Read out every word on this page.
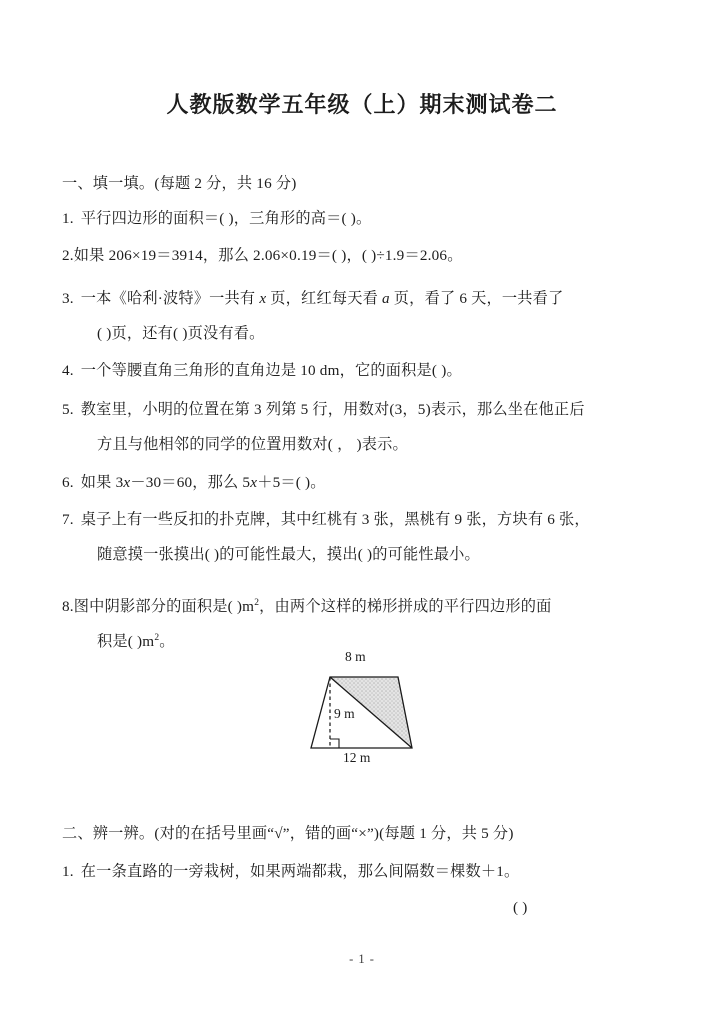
人教版数学五年级（上）期末测试卷二
一、填一填。(每题 2 分，共 16 分)
1. 平行四边形的面积＝( )，三角形的高＝( )。
2.如果 206×19＝3914，那么 2.06×0.19＝( )，( )÷1.9＝2.06。
3. 一本《哈利·波特》一共有 x 页，红红每天看 a 页，看了 6 天，一共看了
( )页，还有( )页没有看。
4. 一个等腰直角三角形的直角边是 10 dm，它的面积是( )。
5. 教室里，小明的位置在第 3 列第 5 行，用数对(3，5)表示，那么坐在他正后
方且与他相邻的同学的位置用数对( ， )表示。
6. 如果 3x－30＝60，那么 5x＋5＝( )。
7. 桌子上有一些反扣的扑克牌，其中红桃有 3 张，黑桃有 9 张，方块有 6 张，
随意摸一张摸出( )的可能性最大，摸出( )的可能性最小。
8.图中阴影部分的面积是( )$m^2$，由两个这样的梯形拼成的平行四边形的面
积是( )$m^2$。
8 m
9 m
12 m
二、辨一辨。(对的在括号里画“√”，错的画“×”)(每题 1 分，共 5 分)
1. 在一条直路的一旁栽树，如果两端都栽，那么间隔数＝棵数＋1。
( )
- 1 -
